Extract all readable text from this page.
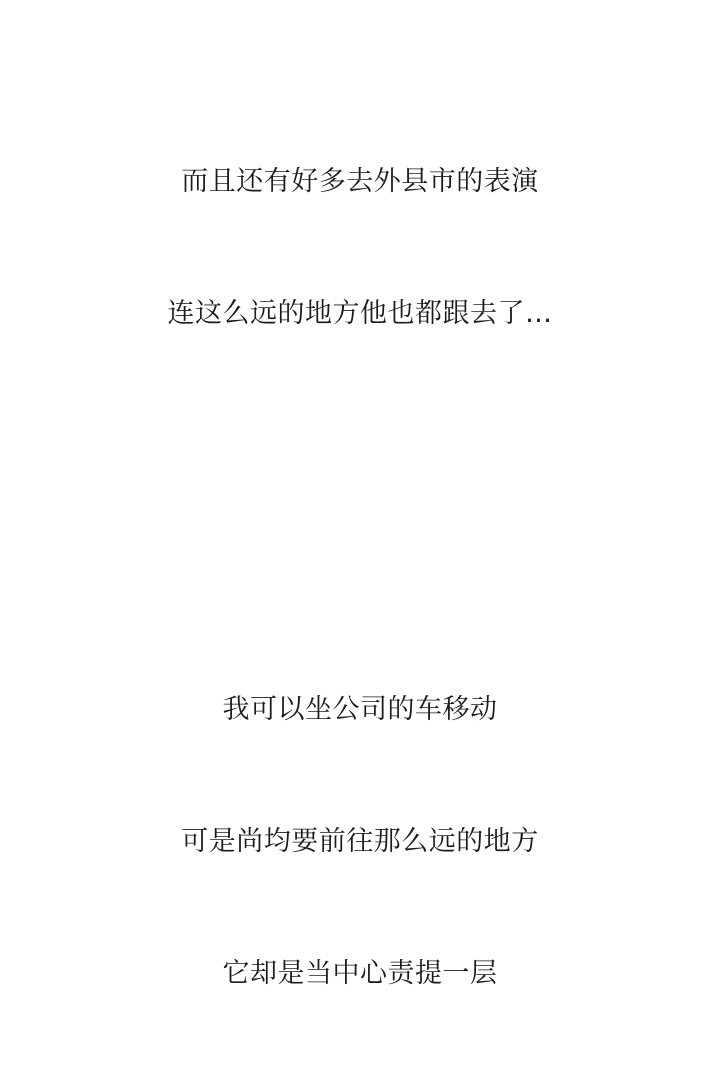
而且还有好多去外县市的表演

连这么远的地方他也都跟去了…

我可以坐公司的车移动

可是尚均要前往那么远的地方

它却是当中心责提一层
